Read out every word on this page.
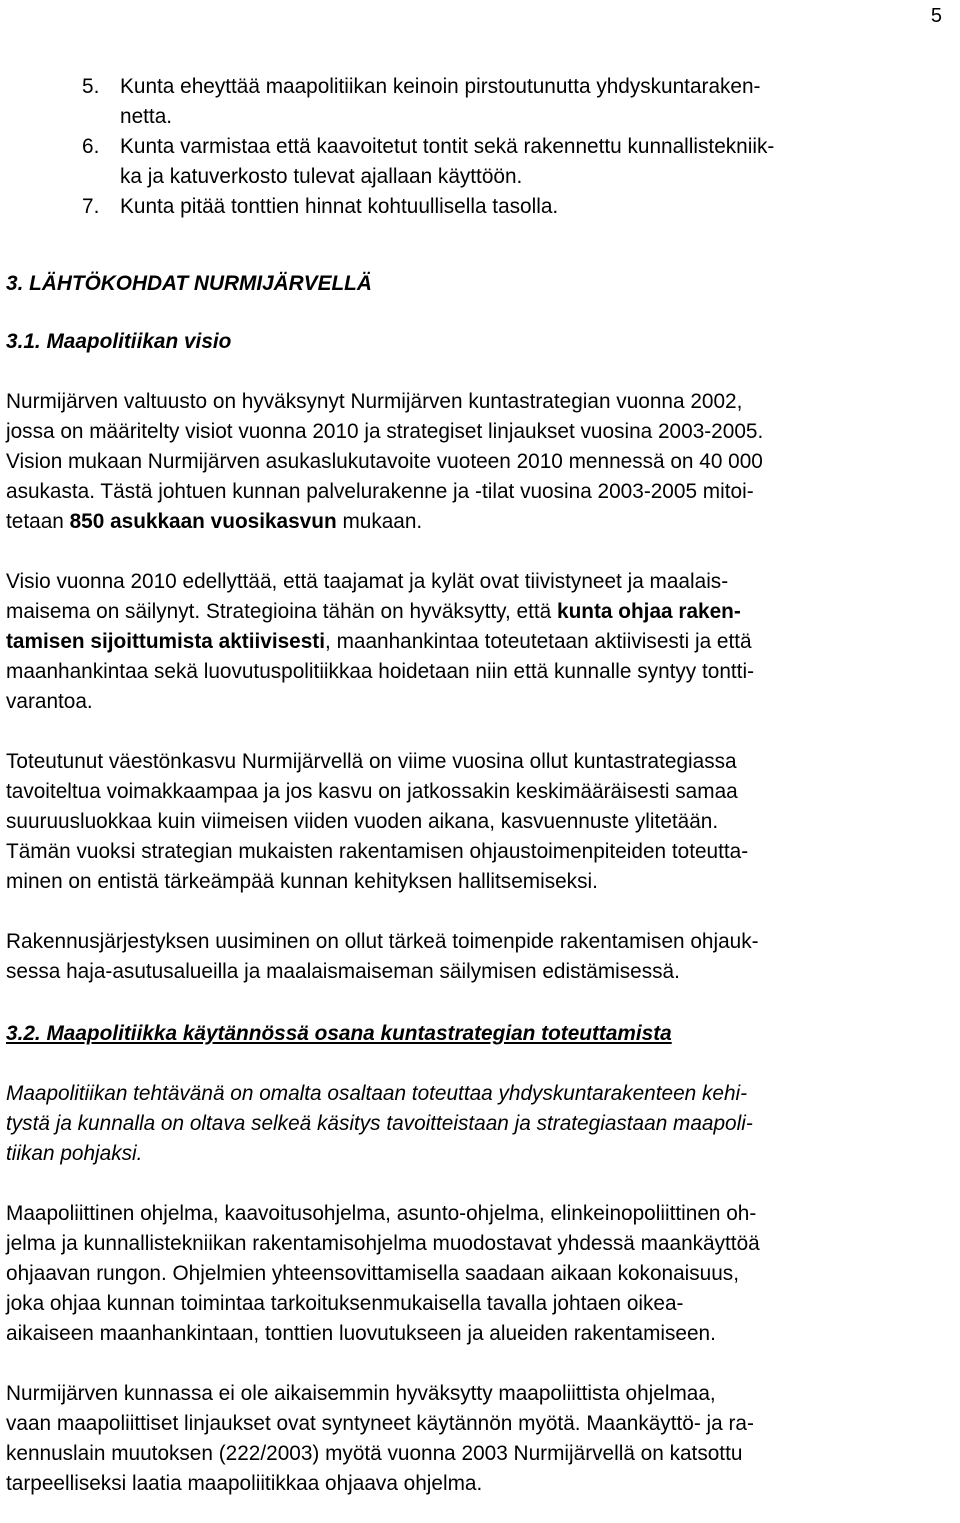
5
5. Kunta eheyttää maapolitiikan keinoin pirstoutunutta yhdyskuntaraken-
netta.
6. Kunta varmistaa että kaavoitetut tontit sekä rakennettu kunnallistekniik-
ka ja katuverkosto tulevat ajallaan käyttöön.
7. Kunta pitää tonttien hinnat kohtuullisella tasolla.
3. LÄHTÖKOHDAT NURMIJÄRVELLÄ
3.1. Maapolitiikan visio

Nurmijärven valtuusto on hyväksynyt Nurmijärven kuntastrategian vuonna 2002,
jossa on määritelty visiot vuonna 2010 ja strategiset linjaukset vuosina 2003-2005.
Vision mukaan Nurmijärven asukaslukutavoite vuoteen 2010 mennessä on 40 000
asukasta. Tästä johtuen kunnan palvelurakenne ja -tilat vuosina 2003-2005 mitoi-
tetaan 850 asukkaan vuosikasvun mukaan.

Visio vuonna 2010 edellyttää, että taajamat ja kylät ovat tiivistyneet ja maalais-
maisema on säilynyt. Strategioina tähän on hyväksytty, että kunta ohjaa raken-
tamisen sijoittumista aktiivisesti, maanhankintaa toteutetaan aktiivisesti ja että
maanhankintaa sekä luovutuspolitiikkaa hoidetaan niin että kunnalle syntyy tontti-
varantoa.

Toteutunut väestönkasvu Nurmijärvellä on viime vuosina ollut kuntastrategiassa
tavoiteltua voimakkaampaa ja jos kasvu on jatkossakin keskimääräisesti samaa
suuruusluokkaa kuin viimeisen viiden vuoden aikana, kasvuennuste ylitetään.
Tämän vuoksi strategian mukaisten rakentamisen ohjaustoimenpiteiden toteutta-
minen on entistä tärkeämpää kunnan kehityksen hallitsemiseksi.

Rakennusjärjestyksen uusiminen on ollut tärkeä toimenpide rakentamisen ohjauk-
sessa haja-asutusalueilla ja maalaismaiseman säilymisen edistämisessä.

3.2. Maapolitiikka käytännössä osana kuntastrategian toteuttamista

Maapolitiikan tehtävänä on omalta osaltaan toteuttaa yhdyskuntarakenteen kehi-
tystä ja kunnalla on oltava selkeä käsitys tavoitteistaan ja strategiastaan maapoli-
tiikan pohjaksi.

Maapoliittinen ohjelma, kaavoitusohjelma, asunto-ohjelma, elinkeinopoliittinen oh-
jelma ja kunnallistekniikan rakentamisohjelma muodostavat yhdessä maankäyttöä
ohjaavan rungon. Ohjelmien yhteensovittamisella saadaan aikaan kokonaisuus,
joka ohjaa kunnan toimintaa tarkoituksenmukaisella tavalla johtaen oikea-
aikaiseen maanhankintaan, tonttien luovutukseen ja alueiden rakentamiseen.

Nurmijärven kunnassa ei ole aikaisemmin hyväksytty maapoliittista ohjelmaa,
vaan maapoliittiset linjaukset ovat syntyneet käytännön myötä. Maankäyttö- ja ra-
kennuslain muutoksen (222/2003) myötä vuonna 2003 Nurmijärvellä on katsottu
tarpeelliseksi laatia maapoliitikkaa ohjaava ohjelma.
